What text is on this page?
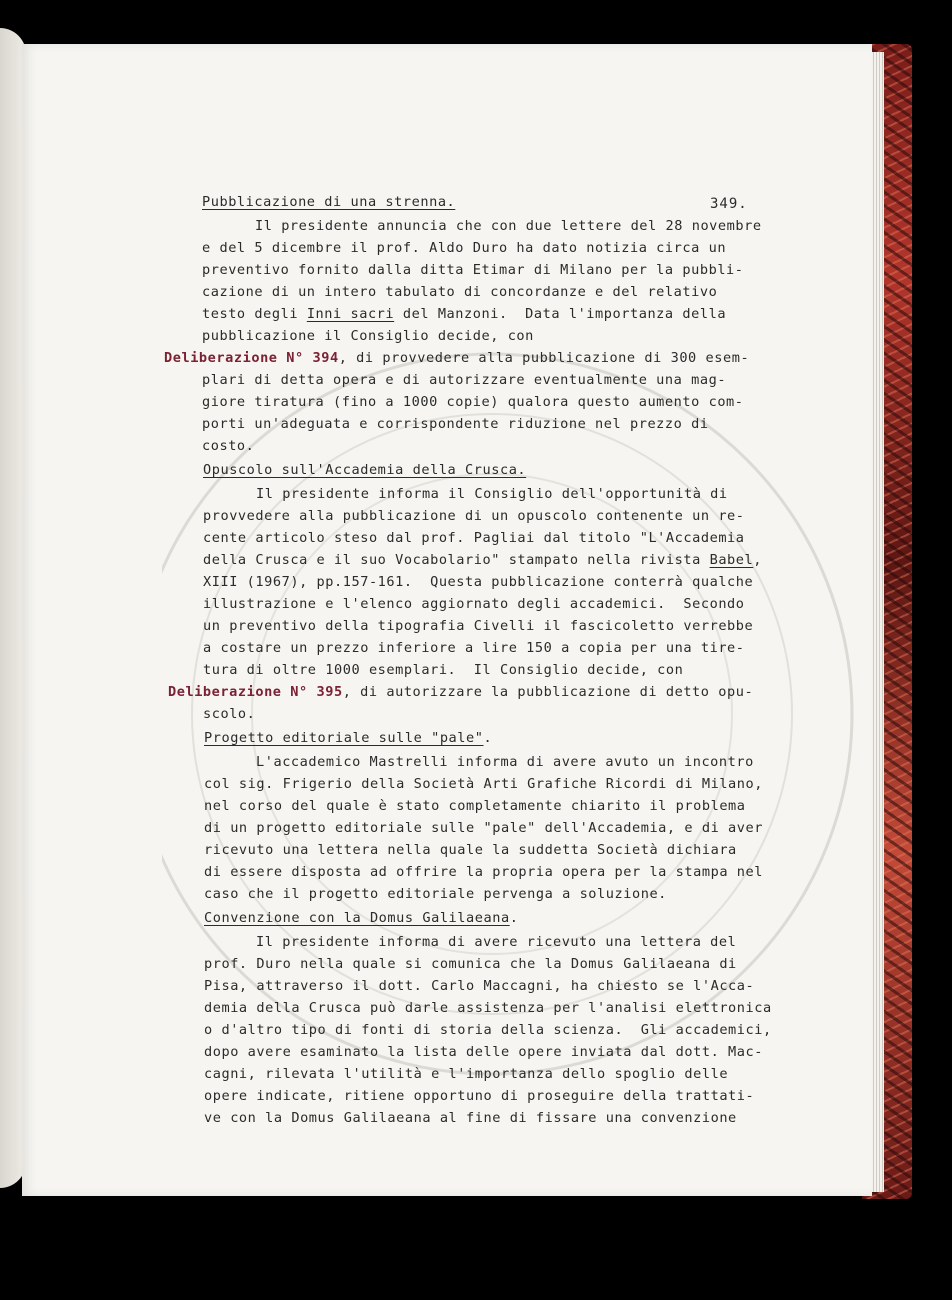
349.
Pubblicazione di una strenna.
Il presidente annuncia che con due lettere del 28 novembre
e del 5 dicembre il prof. Aldo Duro ha dato notizia circa un
preventivo fornito dalla ditta Etimar di Milano per la pubbli-
cazione di un intero tabulato di concordanze e del relativo
testo degli Inni sacri del Manzoni.  Data l'importanza della
pubblicazione il Consiglio decide, con
Deliberazione N° 394, di provvedere alla pubblicazione di 300 esem-
plari di detta opera e di autorizzare eventualmente una mag-
giore tiratura (fino a 1000 copie) qualora questo aumento com-
porti un'adeguata e corrispondente riduzione nel prezzo di
costo.
Opuscolo sull'Accademia della Crusca.
Il presidente informa il Consiglio dell'opportunità di
provvedere alla pubblicazione di un opuscolo contenente un re-
cente articolo steso dal prof. Pagliai dal titolo "L'Accademia
della Crusca e il suo Vocabolario" stampato nella rivista Babel,
XIII (1967), pp.157-161.  Questa pubblicazione conterrà qualche
illustrazione e l'elenco aggiornato degli accademici.  Secondo
un preventivo della tipografia Civelli il fascicoletto verrebbe
a costare un prezzo inferiore a lire 150 a copia per una tire-
tura di oltre 1000 esemplari.  Il Consiglio decide, con
Deliberazione N° 395, di autorizzare la pubblicazione di detto opu-
scolo.
Progetto editoriale sulle "pale".
L'accademico Mastrelli informa di avere avuto un incontro
col sig. Frigerio della Società Arti Grafiche Ricordi di Milano,
nel corso del quale è stato completamente chiarito il problema
di un progetto editoriale sulle "pale" dell'Accademia, e di aver
ricevuto una lettera nella quale la suddetta Società dichiara
di essere disposta ad offrire la propria opera per la stampa nel
caso che il progetto editoriale pervenga a soluzione.
Convenzione con la Domus Galilaeana.
Il presidente informa di avere ricevuto una lettera del
prof. Duro nella quale si comunica che la Domus Galilaeana di
Pisa, attraverso il dott. Carlo Maccagni, ha chiesto se l'Acca-
demia della Crusca può darle assistenza per l'analisi elettronica
o d'altro tipo di fonti di storia della scienza.  Gli accademici,
dopo avere esaminato la lista delle opere inviata dal dott. Mac-
cagni, rilevata l'utilità e l'importanza dello spoglio delle
opere indicate, ritiene opportuno di proseguire della trattati-
ve con la Domus Galilaeana al fine di fissare una convenzione
